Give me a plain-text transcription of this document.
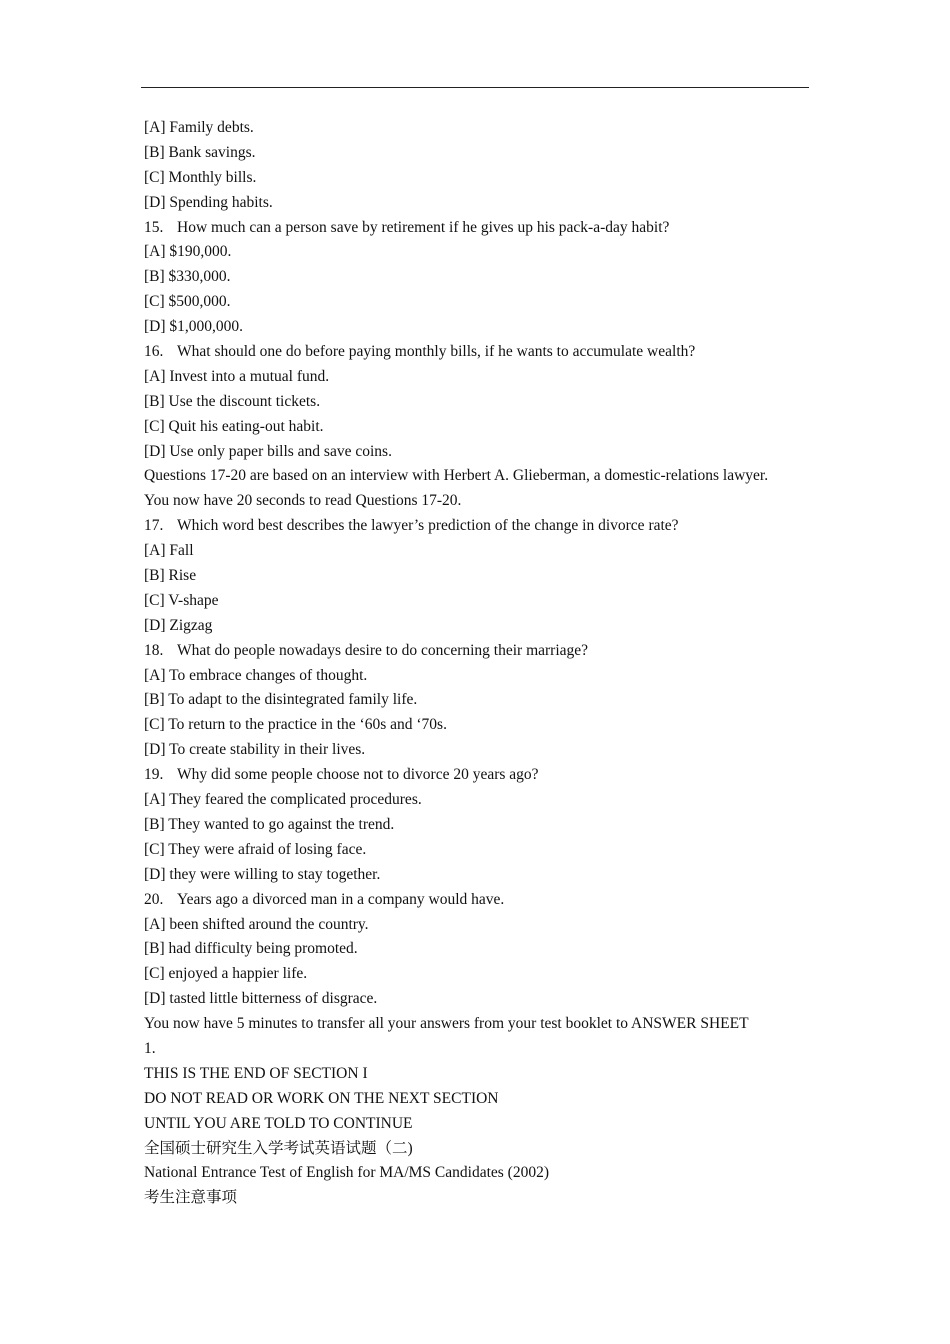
[A] Family debts.
[B] Bank savings.
[C] Monthly bills.
[D] Spending habits.
15. How much can a person save by retirement if he gives up his pack-a-day habit?
[A] $190,000.
[B] $330,000.
[C] $500,000.
[D] $1,000,000.
16. What should one do before paying monthly bills, if he wants to accumulate wealth?
[A] Invest into a mutual fund.
[B] Use the discount tickets.
[C] Quit his eating-out habit.
[D] Use only paper bills and save coins.
Questions 17-20 are based on an interview with Herbert A. Glieberman, a domestic-relations lawyer.
You now have 20 seconds to read Questions 17-20.
17. Which word best describes the lawyer’s prediction of the change in divorce rate?
[A] Fall
[B] Rise
[C] V-shape
[D] Zigzag
18. What do people nowadays desire to do concerning their marriage?
[A] To embrace changes of thought.
[B] To adapt to the disintegrated family life.
[C] To return to the practice in the ‘60s and ‘70s.
[D] To create stability in their lives.
19. Why did some people choose not to divorce 20 years ago?
[A] They feared the complicated procedures.
[B] They wanted to go against the trend.
[C] They were afraid of losing face.
[D] they were willing to stay together.
20. Years ago a divorced man in a company would have.
[A] been shifted around the country.
[B] had difficulty being promoted.
[C] enjoyed a happier life.
[D] tasted little bitterness of disgrace.
You now have 5 minutes to transfer all your answers from your test booklet to ANSWER SHEET
1.
THIS IS THE END OF SECTION I
DO NOT READ OR WORK ON THE NEXT SECTION
UNTIL YOU ARE TOLD TO CONTINUE
全国硕士研究生入学考试英语试题（二)
National Entrance Test of English for MA/MS Candidates (2002)
考生注意事项
